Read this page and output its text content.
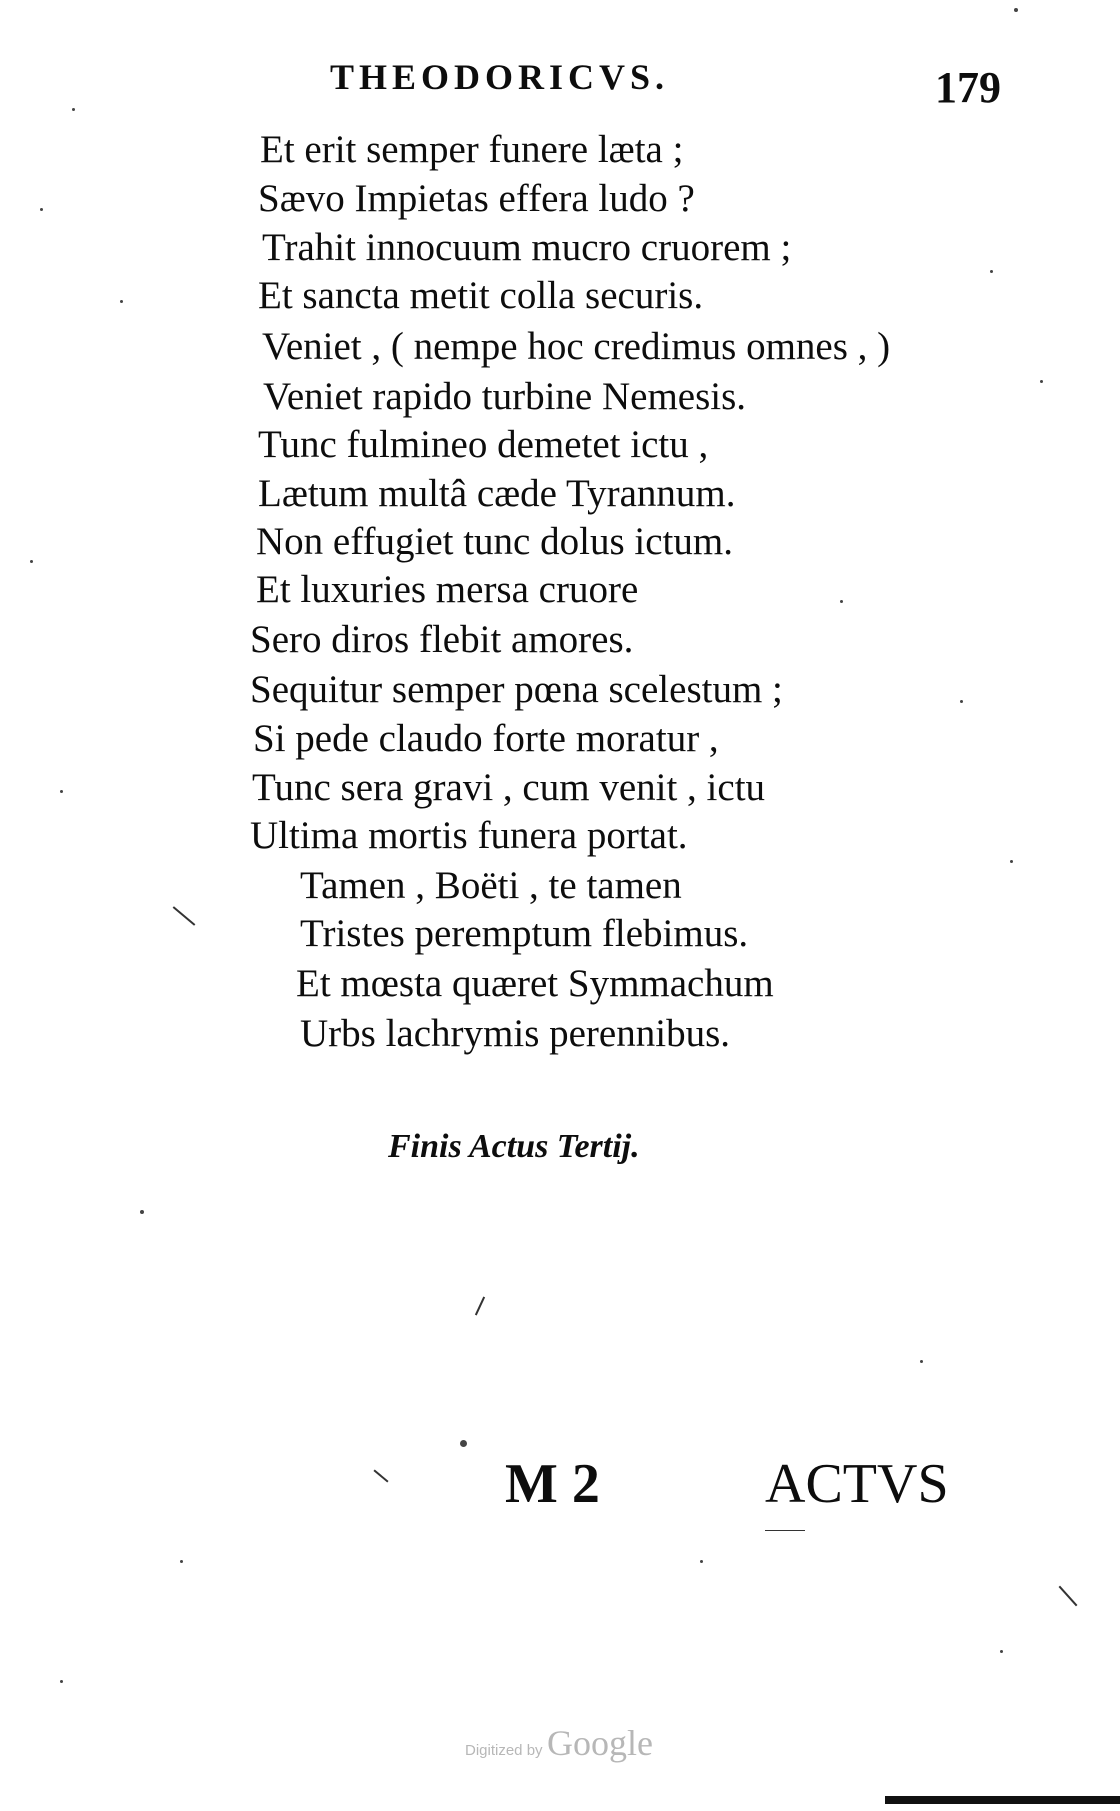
THEODORICVS.	179
Et erit semper funere læta ;
Sævo Impietas effera ludo ?
Trahit innocuum mucro cruorem ;
Et sancta metit colla securis.
Veniet , ( nempe hoc credimus omnes , )
Veniet rapido turbine Nemesis.
Tunc fulmineo demetet ictu ,
Lætum multâ cæde Tyrannum.
Non effugiet tunc dolus ictum.
Et luxuries mersa cruore
Sero diros flebit amores.
Sequitur semper pœna scelestum ;
Si pede claudo forte moratur ,
Tunc sera gravi , cum venit , ictu
Ultima mortis funera portat.
Tamen , Boëti , te tamen
Tristes peremptum flebimus.
Et mœsta quæret Symmachum
Urbs lachrymis perennibus.
Finis Actus Tertij.
M 2	ACTVS
Digitized by Google
